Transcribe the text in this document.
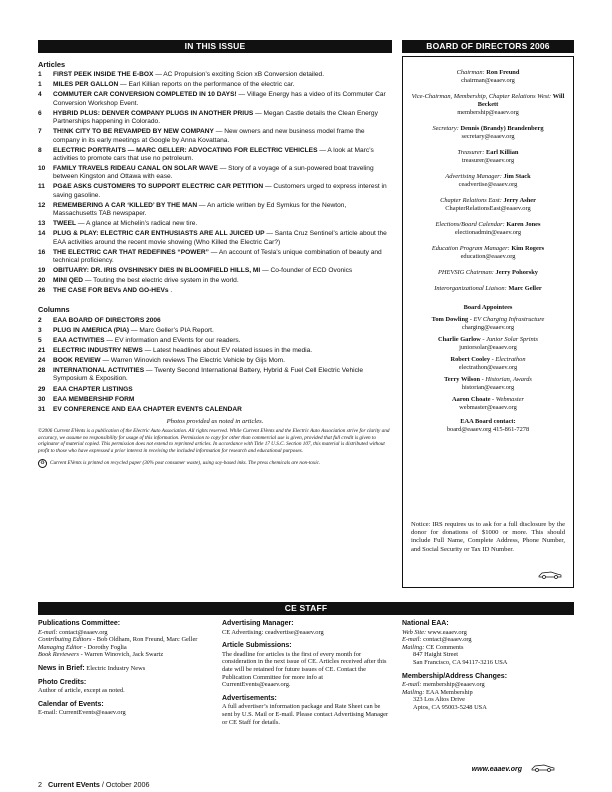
IN THIS ISSUE	BOARD OF DIRECTORS 2006
Articles
1	FIRST PEEK INSIDE THE E-BOX — AC Propulsion’s exciting Scion xB Conversion detailed.
1	MILES PER GALLON — Earl Killian reports on the performance of the electric car.
4	COMMUTER CAR CONVERSION COMPLETED IN 10 DAYS! — Village Energy has a video of its Commuter Car Conversion Workshop Event.
6	HYBRID PLUS: DENVER COMPANY PLUGS IN ANOTHER PRIUS — Megan Castle details the Clean Energy Partnerships happening in Colorado.
7	TH!NK CITY TO BE REVAMPED BY NEW COMPANY — New owners and new business model frame the company in its early meetings at Google by Anna Kovattana.
8	ELECTRIC PORTRAITS — MARC GELLER: ADVOCATING FOR ELECTRIC VEHICLES — A look at Marc’s activities to promote cars that use no petroleum.
10	FAMILY TRAVELS RIDEAU CANAL ON SOLAR WAVE — Story of a voyage of a sun-powered boat traveling between Kingston and Ottawa with ease.
11	PG&E ASKS CUSTOMERS TO SUPPORT ELECTRIC CAR PETITION — Customers urged to express interest in saving gasoline.
12	REMEMBERING A CAR ‘KILLED’ BY THE MAN — An article written by Ed Symkus for the Newton, Massachusetts TAB newspaper.
13	TWEEL — A glance at Michelin’s radical new tire.
14	PLUG & PLAY: ELECTRIC CAR ENTHUSIASTS ARE ALL JUICED UP — Santa Cruz Sentinel’s article about the EAA activities around the recent movie showing (Who Killed the Electric Car?)
16	THE ELECTRIC CAR THAT REDEFINES “POWER” — An account of Tesla’s unique combination of beauty and technical proficiency.
19	OBITUARY: DR. IRIS OVSHINSKY DIES IN BLOOMFIELD HILLS, MI — Co-founder of ECD Ovonics
20	MINI QED — Touting the best electric drive system in the world.
26	THE CASE FOR BEVs AND GO-HEVs .
Columns
2	EAA BOARD OF DIRECTORS 2006
3	PLUG IN AMERICA (PIA) — Marc Geller’s PIA Report.
5	EAA ACTIVITIES — EV information and EVents for our readers.
21	ELECTRIC INDUSTRY NEWS — Latest headlines about EV related issues in the media.
24	BOOK REVIEW — Warren Winovich reviews The Electric Vehicle by Gijs Mom.
28	INTERNATIONAL ACTIVITIES — Twenty Second International Battery, Hybrid & Fuel Cell Electric Vehicle Symposium & Exposition.
29	EAA CHAPTER LISTINGS
30	EAA MEMBERSHIP FORM
31	EV CONFERENCE AND EAA CHAPTER EVENTS CALENDAR
Photos provided as noted in articles.
©2006 Current EVents is a publication of the Electric Auto Association. All rights reserved. While Current EVents and the Electric Auto Association strive for clarity and accuracy, we assume no responsibility for usage of this information. Permission to copy for other than commercial use is given, provided that full credit is given to originator of material copied. This permission does not extend to reprinted articles. In accordance with Title 17 U.S.C. Section 107, this material is distributed without profit to those who have expressed a prior interest in receiving the included information for research and educational purposes.
♻	Current EVents is printed on recycled paper (30% post consumer waste), using soy-based inks. The press chemicals are non-toxic.
Chairman: Ron Freund
chairman@eaaev.org
Vice-Chairman, Membership, Chapter Relations West: Will Beckett
membership@eaaev.org
Secretary: Dennis (Brandy) Brandenberg
secretary@eaaev.org
Treasurer: Earl Killian
treasurer@eaaev.org
Advertising Manager: Jim Stack
ceadvertise@eaaev.org
Chapter Relations East: Jerry Asher
ChapterRelationsEast@eaaev.org
Elections/Board Calendar: Karen Jones
electionadmin@eaaev.org
Education Program Manager: Kim Rogers
education@eaaev.org
PHEVSIG Chairman: Jerry Pohorsky
Interorganizational Liaison: Marc Geller
Board Appointees
Tom Dowling - EV Charging Infrastructure
charging@eaaev.org
Charlie Garlow - Junior Solar Sprints
juniorsolar@eaaev.org
Robert Cooley - Electrathon
electrathon@eaaev.org
Terry Wilson - Historian, Awards
historian@eaaev.org
Aaron Choate - Webmaster
webmaster@eaaev.org
EAA Board contact:
board@eaaev.org 415-861-7278
Notice: IRS requires us to ask for a full disclosure by the donor for donations of $1000 or more. This should include Full Name, Complete Address, Phone Number, and Social Security or Tax ID Number.
CE STAFF
Publications Committee:
E-mail: contact@eaaev.org
Contributing Editors - Bob Oldham, Ron Freund, Marc Geller
Managing Editor - Dorothy Foglia
Book Reviewers - Warren Winovich, Jack Swartz
News in Brief: Electric Industry News
Photo Credits:
Author of article, except as noted.
Calendar of Events:
E-mail: CurrentEvents@eaaev.org
Advertising Manager:
CE Advertising: ceadvertise@eaaev.org
Article Submissions:
The deadline for articles is the first of every month for consideration in the next issue of CE. Articles received after this date will be retained for future issues of CE. Contact the Publication Committee for more info at CurrentEvents@eaaev.org.
Advertisements:
A full advertiser’s information package and Rate Sheet can be sent by U.S. Mail or E-mail. Please contact Advertising Manager or CE Staff for details.
National EAA:
Web Site: www.eaaev.org
E-mail: contact@eaaev.org
Mailing: CE Comments
847 Haight Street
San Francisco, CA 94117-3216 USA
Membership/Address Changes:
E-mail: membership@eaaev.org
Mailing: EAA Membership
323 Los Altos Drive
Aptos, CA 95003-5248 USA
www.eaaev.org
2 Current EVents / October 2006
